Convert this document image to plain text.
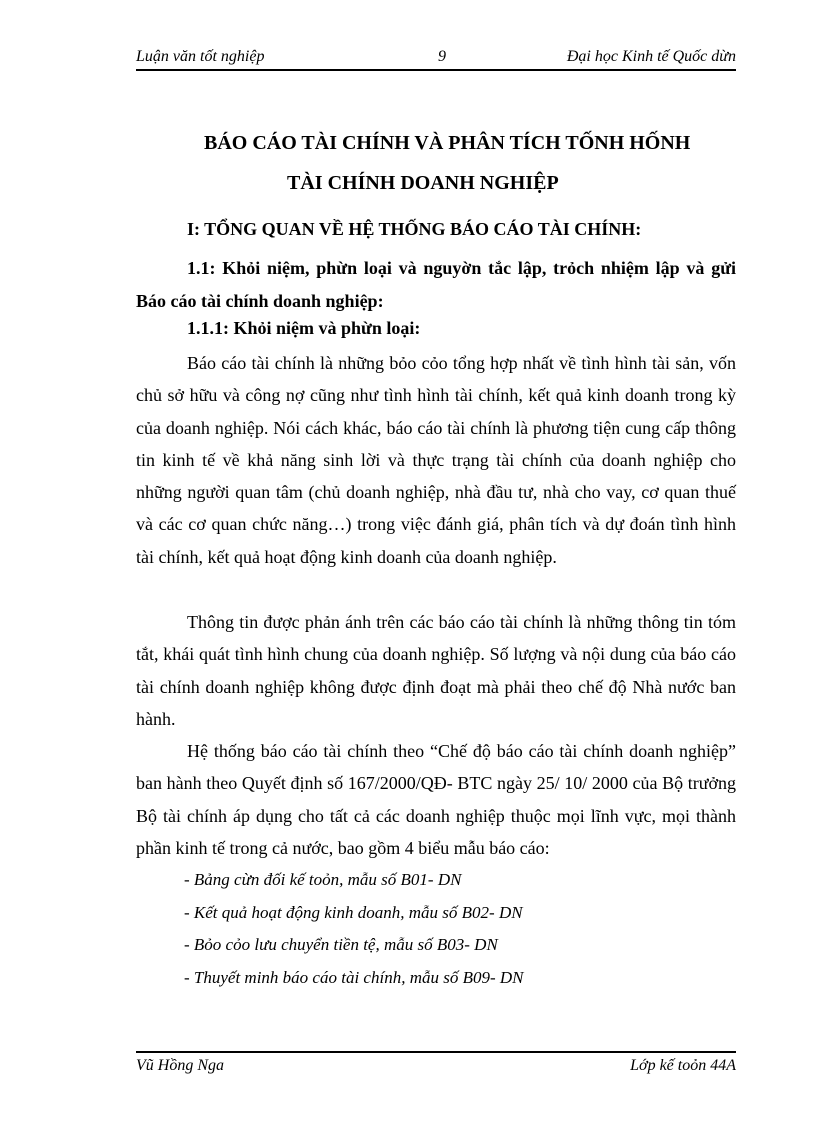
Luận văn tốt nghiệp	9	Đại học Kinh tế Quốc dừn
BÁO CÁO TÀI CHÍNH VÀ PHÂN TÍCH TỐNH HỐNH
TÀI CHÍNH DOANH NGHIỆP
I: TỔNG QUAN VỀ HỆ THỐNG BÁO CÁO TÀI CHÍNH:
1.1: Khỏi niệm, phừn loại và nguyờn tắc lập, trỏch nhiệm lập và gửi Báo cáo tài chính doanh nghiệp:
1.1.1: Khỏi niệm và phừn loại:
Báo cáo tài chính là những bỏo cỏo tổng hợp nhất về tình hình tài sản, vốn chủ sở hữu và công nợ cũng như tình hình tài chính, kết quả kinh doanh trong kỳ của doanh nghiệp. Nói cách khác, báo cáo tài chính là phương tiện cung cấp thông tin kinh tế về khả năng sinh lời và thực trạng tài chính của doanh nghiệp cho những người quan tâm (chủ doanh nghiệp, nhà đầu tư, nhà cho vay, cơ quan thuế và các cơ quan chức năng…) trong việc đánh giá, phân tích và dự đoán tình hình tài chính, kết quả hoạt động kinh doanh của doanh nghiệp.
Thông tin được phản ánh trên các báo cáo tài chính là những thông tin tóm tắt, khái quát tình hình chung của doanh nghiệp. Số lượng và nội dung của báo cáo tài chính doanh nghiệp không được định đoạt mà phải theo chế độ Nhà nước ban hành.
Hệ thống báo cáo tài chính theo “Chế độ báo cáo tài chính doanh nghiệp” ban hành theo Quyết định số 167/2000/QĐ- BTC ngày 25/ 10/ 2000 của Bộ trưởng Bộ tài chính áp dụng cho tất cả các doanh nghiệp thuộc mọi lĩnh vực, mọi thành phần kinh tế trong cả nước, bao gồm 4 biểu mẫu báo cáo:
- Bảng cừn đối kế toỏn, mẫu số B01- DN
- Kết quả hoạt động kinh doanh, mẫu số B02- DN
- Bỏo cỏo lưu chuyển tiền tệ, mẫu số B03- DN
- Thuyết minh báo cáo tài chính, mẫu số B09- DN
Vũ Hồng Nga	Lớp kế toỏn 44A
